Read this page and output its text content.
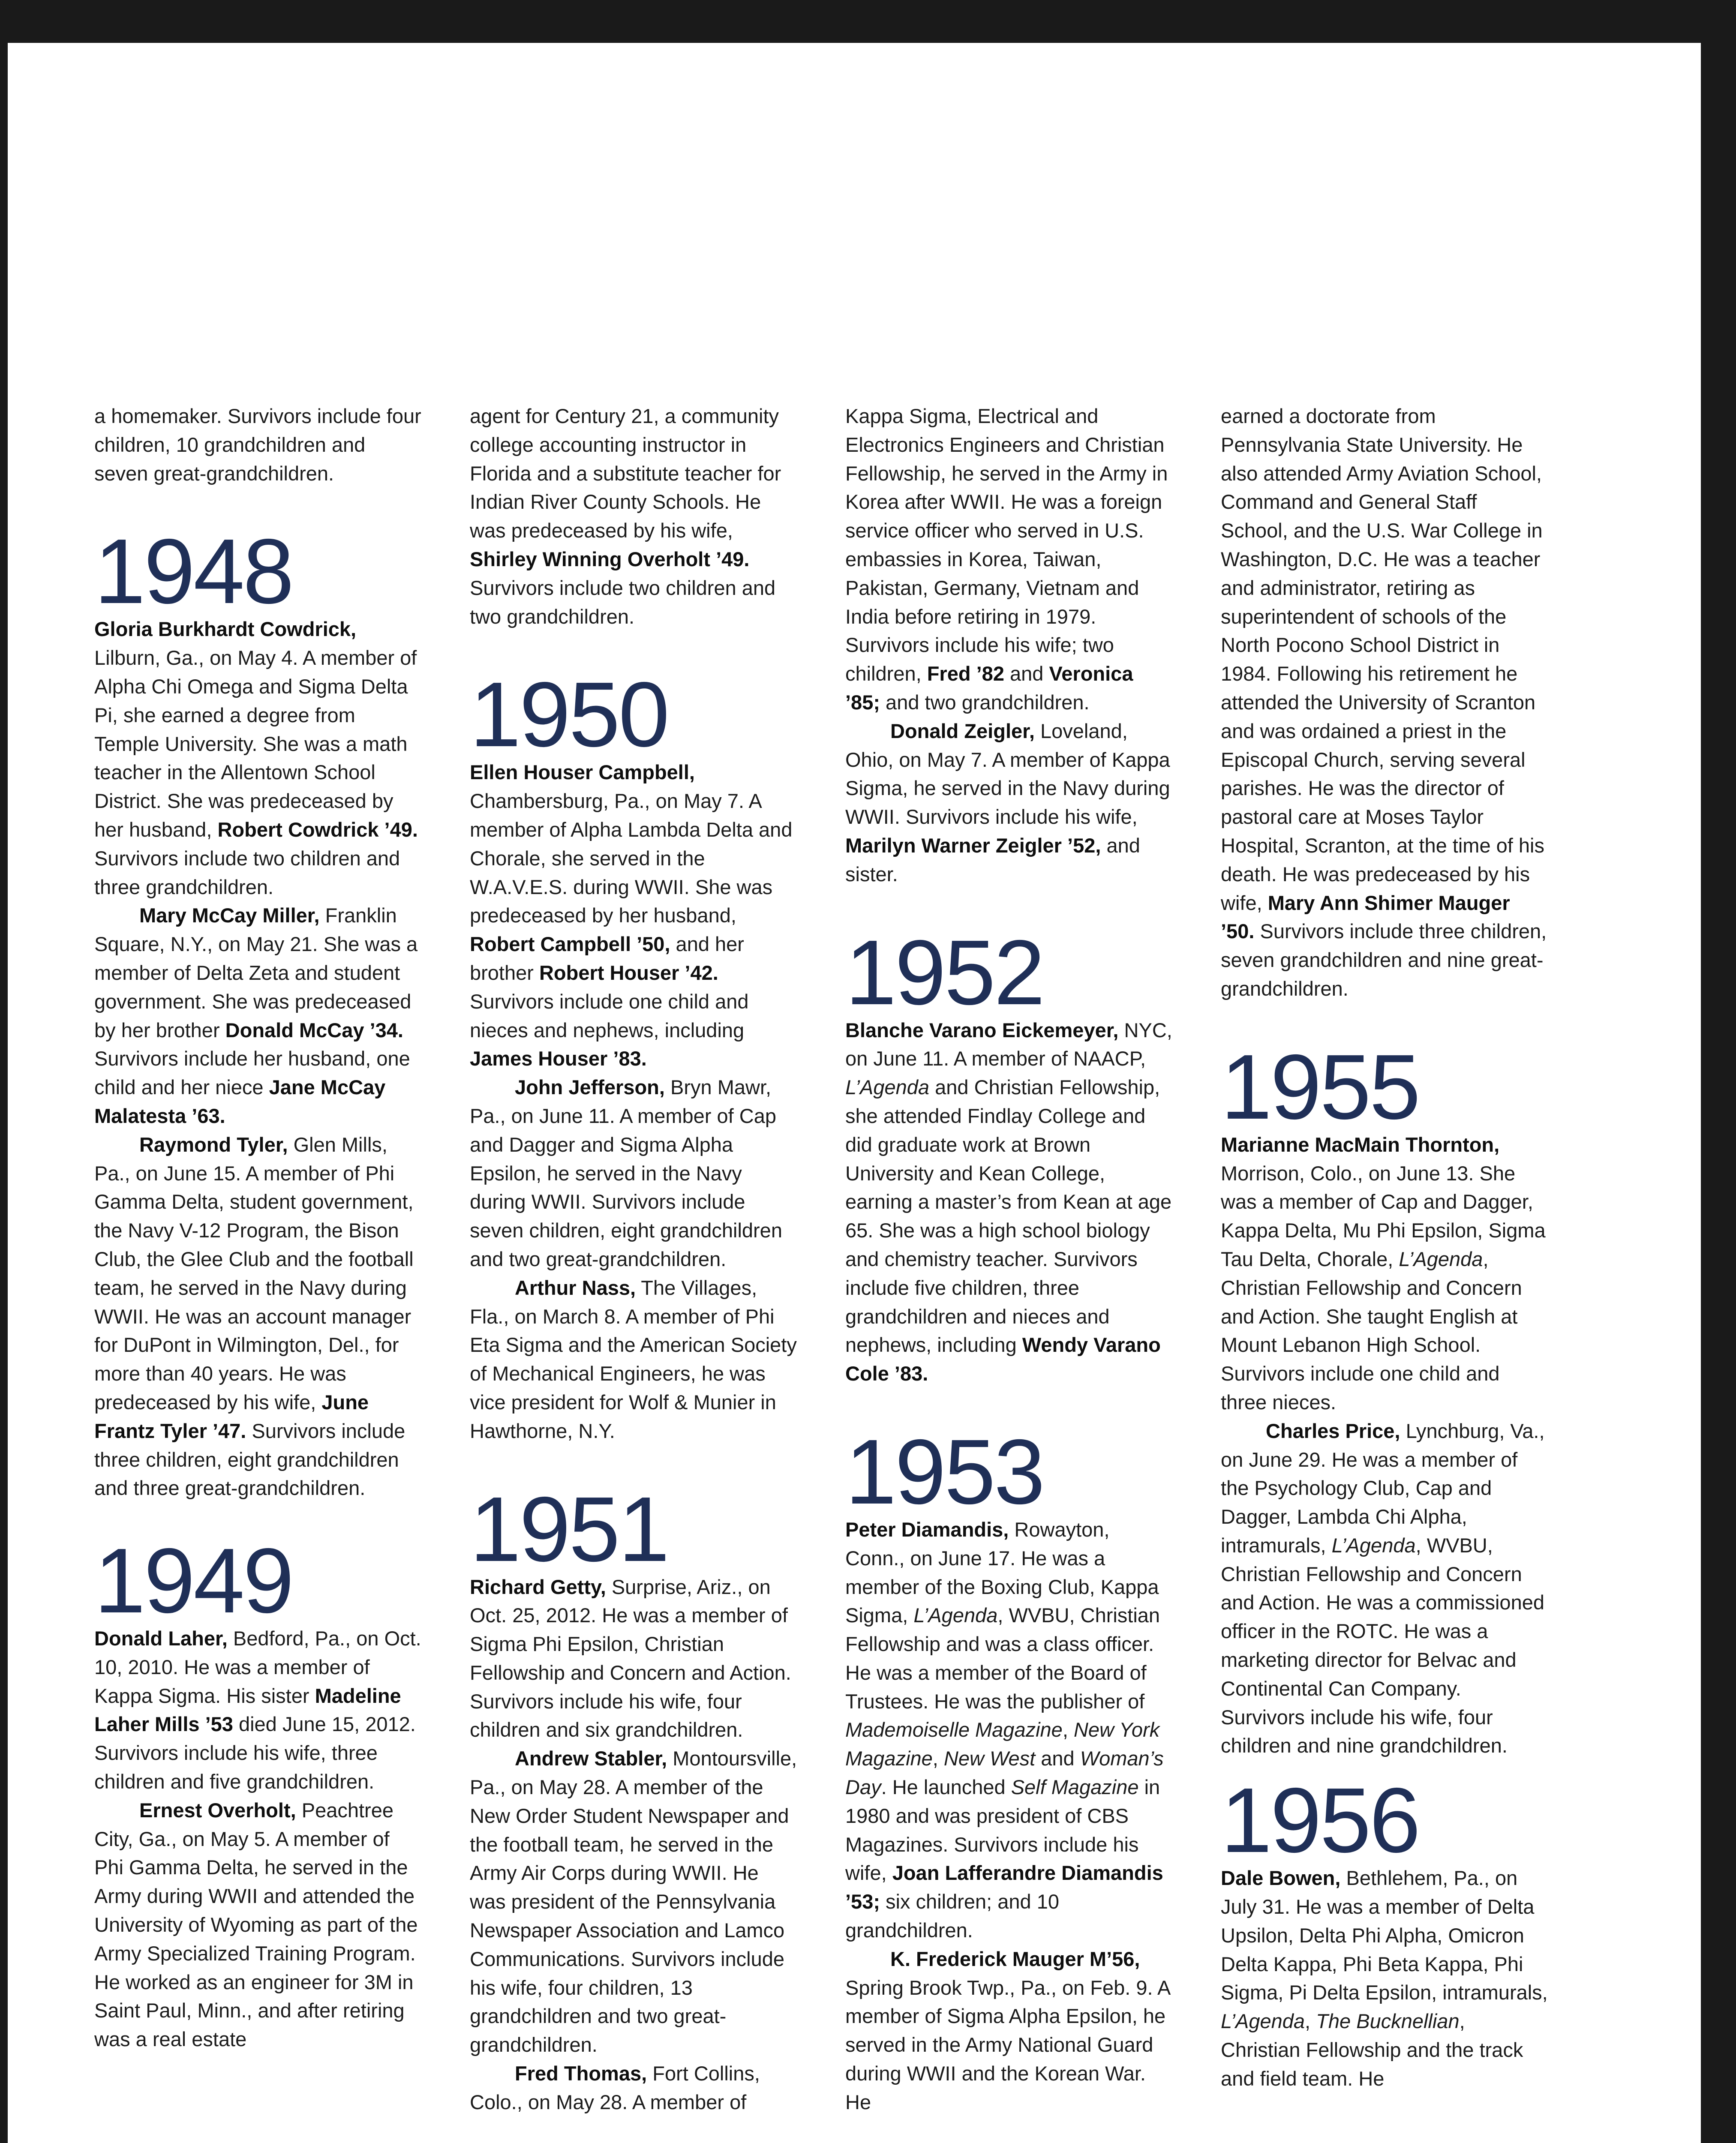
a homemaker. Survivors include four children, 10 grandchildren and seven great-grandchildren.

1948

Gloria Burkhardt Cowdrick, Lilburn, Ga., on May 4. A member of Alpha Chi Omega and Sigma Delta Pi, she earned a degree from Temple University. She was a math teacher in the Allentown School District. She was predeceased by her husband, Robert Cowdrick ’49. Survivors include two children and three grandchildren.

Mary McCay Miller, Franklin Square, N.Y., on May 21. She was a member of Delta Zeta and student government. She was predeceased by her brother Donald McCay ’34. Survivors include her husband, one child and her niece Jane McCay Malatesta ’63.

Raymond Tyler, Glen Mills, Pa., on June 15. A member of Phi Gamma Delta, student government, the Navy V-12 Program, the Bison Club, the Glee Club and the football team, he served in the Navy during WWII. He was an account manager for DuPont in Wilmington, Del., for more than 40 years. He was predeceased by his wife, June Frantz Tyler ’47. Survivors include three children, eight grandchildren and three great-grandchildren.

1949

Donald Laher, Bedford, Pa., on Oct. 10, 2010. He was a member of Kappa Sigma. His sister Madeline Laher Mills ’53 died June 15, 2012. Survivors include his wife, three children and five grandchildren.

Ernest Overholt, Peachtree City, Ga., on May 5. A member of Phi Gamma Delta, he served in the Army during WWII and attended the University of Wyoming as part of the Army Specialized Training Program. He worked as an engineer for 3M in Saint Paul, Minn., and after retiring was a real estate

agent for Century 21, a community college accounting instructor in Florida and a substitute teacher for Indian River County Schools. He was predeceased by his wife, Shirley Winning Overholt ’49. Survivors include two children and two grandchildren.

1950

Ellen Houser Campbell, Chambersburg, Pa., on May 7. A member of Alpha Lambda Delta and Chorale, she served in the W.A.V.E.S. during WWII. She was predeceased by her husband, Robert Campbell ’50, and her brother Robert Houser ’42. Survivors include one child and nieces and nephews, including James Houser ’83.

John Jefferson, Bryn Mawr, Pa., on June 11. A member of Cap and Dagger and Sigma Alpha Epsilon, he served in the Navy during WWII. Survivors include seven children, eight grandchildren and two great-grandchildren.

Arthur Nass, The Villages, Fla., on March 8. A member of Phi Eta Sigma and the American Society of Mechanical Engineers, he was vice president for Wolf & Munier in Hawthorne, N.Y.

1951

Richard Getty, Surprise, Ariz., on Oct. 25, 2012. He was a member of Sigma Phi Epsilon, Christian Fellowship and Concern and Action. Survivors include his wife, four children and six grandchildren.

Andrew Stabler, Montoursville, Pa., on May 28. A member of the New Order Student Newspaper and the football team, he served in the Army Air Corps during WWII. He was president of the Pennsylvania Newspaper Association and Lamco Communications. Survivors include his wife, four children, 13 grandchildren and two great-grandchildren.

Fred Thomas, Fort Collins, Colo., on May 28. A member of

Kappa Sigma, Electrical and Electronics Engineers and Christian Fellowship, he served in the Army in Korea after WWII. He was a foreign service officer who served in U.S. embassies in Korea, Taiwan, Pakistan, Germany, Vietnam and India before retiring in 1979. Survivors include his wife; two children, Fred ’82 and Veronica ’85; and two grandchildren.

Donald Zeigler, Loveland, Ohio, on May 7. A member of Kappa Sigma, he served in the Navy during WWII. Survivors include his wife, Marilyn Warner Zeigler ’52, and sister.

1952

Blanche Varano Eickemeyer, NYC, on June 11. A member of NAACP, L’Agenda and Christian Fellowship, she attended Findlay College and did graduate work at Brown University and Kean College, earning a master’s from Kean at age 65. She was a high school biology and chemistry teacher. Survivors include five children, three grandchildren and nieces and nephews, including Wendy Varano Cole ’83.

1953

Peter Diamandis, Rowayton, Conn., on June 17. He was a member of the Boxing Club, Kappa Sigma, L’Agenda, WVBU, Christian Fellowship and was a class officer. He was a member of the Board of Trustees. He was the publisher of Mademoiselle Magazine, New York Magazine, New West and Woman’s Day. He launched Self Magazine in 1980 and was president of CBS Magazines. Survivors include his wife, Joan Lafferandre Diamandis ’53; six children; and 10 grandchildren.

K. Frederick Mauger M’56, Spring Brook Twp., Pa., on Feb. 9. A member of Sigma Alpha Epsilon, he served in the Army National Guard during WWII and the Korean War. He

earned a doctorate from Pennsylvania State University. He also attended Army Aviation School, Command and General Staff School, and the U.S. War College in Washington, D.C. He was a teacher and administrator, retiring as superintendent of schools of the North Pocono School District in 1984. Following his retirement he attended the University of Scranton and was ordained a priest in the Episcopal Church, serving several parishes. He was the director of pastoral care at Moses Taylor Hospital, Scranton, at the time of his death. He was predeceased by his wife, Mary Ann Shimer Mauger ’50. Survivors include three children, seven grandchildren and nine great-grandchildren.

1955

Marianne MacMain Thornton, Morrison, Colo., on June 13. She was a member of Cap and Dagger, Kappa Delta, Mu Phi Epsilon, Sigma Tau Delta, Chorale, L’Agenda, Christian Fellowship and Concern and Action. She taught English at Mount Lebanon High School. Survivors include one child and three nieces.

Charles Price, Lynchburg, Va., on June 29. He was a member of the Psychology Club, Cap and Dagger, Lambda Chi Alpha, intramurals, L’Agenda, WVBU, Christian Fellowship and Concern and Action. He was a commissioned officer in the ROTC. He was a marketing director for Belvac and Continental Can Company. Survivors include his wife, four children and nine grandchildren.

1956

Dale Bowen, Bethlehem, Pa., on July 31. He was a member of Delta Upsilon, Delta Phi Alpha, Omicron Delta Kappa, Phi Beta Kappa, Phi Sigma, Pi Delta Epsilon, intramurals, L’Agenda, The Bucknellian, Christian Fellowship and the track and field team. He
